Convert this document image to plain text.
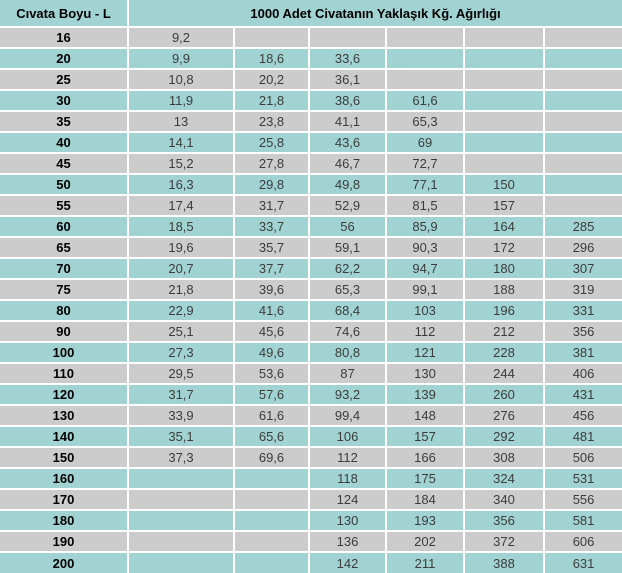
Cıvata Boyu - L	1000 Adet Civatanın Yaklaşık Kğ. Ağırlığı					
16	9,2					
20	9,9	18,6	33,6			
25	10,8	20,2	36,1			
30	11,9	21,8	38,6	61,6		
35	13	23,8	41,1	65,3		
40	14,1	25,8	43,6	69		
45	15,2	27,8	46,7	72,7		
50	16,3	29,8	49,8	77,1	150	
55	17,4	31,7	52,9	81,5	157	
60	18,5	33,7	56	85,9	164	285
65	19,6	35,7	59,1	90,3	172	296
70	20,7	37,7	62,2	94,7	180	307
75	21,8	39,6	65,3	99,1	188	319
80	22,9	41,6	68,4	103	196	331
90	25,1	45,6	74,6	112	212	356
100	27,3	49,6	80,8	121	228	381
110	29,5	53,6	87	130	244	406
120	31,7	57,6	93,2	139	260	431
130	33,9	61,6	99,4	148	276	456
140	35,1	65,6	106	157	292	481
150	37,3	69,6	112	166	308	506
160			118	175	324	531
170			124	184	340	556
180			130	193	356	581
190			136	202	372	606
200			142	211	388	631
